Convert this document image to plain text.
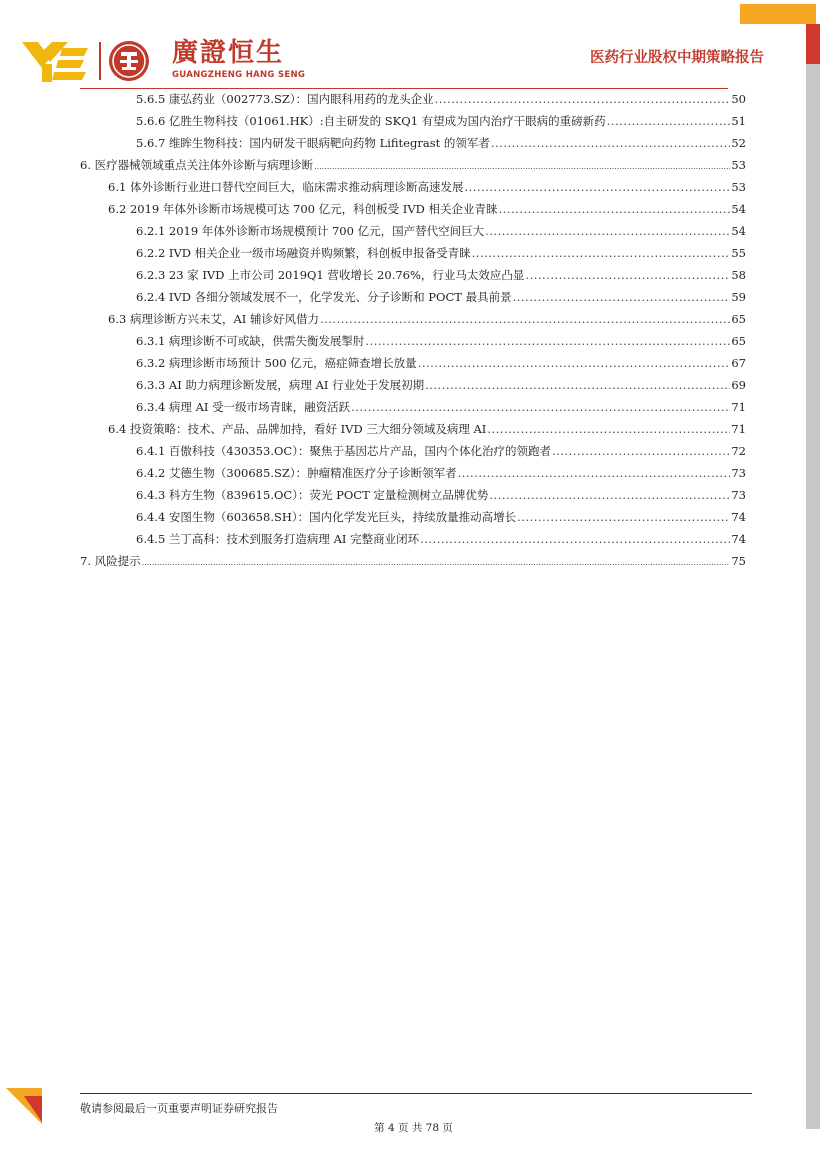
廣證恒生
GUANGZHENG HANG SENG
医药行业股权中期策略报告
5.6.5 康弘药业（002773.SZ）：国内眼科用药的龙头企业 .....	50
5.6.6 亿胜生物科技（01061.HK）:自主研发的 SKQ1 有望成为国内治疗干眼病的重磅新药 .....	51
5.6.7 维眸生物科技：国内研发干眼病靶向药物 Lifitegrast 的领军者 .....	52
6. 医疗器械领域重点关注体外诊断与病理诊断 .....	53
6.1 体外诊断行业进口替代空间巨大，临床需求推动病理诊断高速发展 .....	53
6.2 2019 年体外诊断市场规模可达 700 亿元，科创板受 IVD 相关企业青睐 .....	54
6.2.1 2019 年体外诊断市场规模预计 700 亿元，国产替代空间巨大 .....	54
6.2.2 IVD 相关企业一级市场融资并购频繁，科创板申报备受青睐 .....	55
6.2.3 23 家 IVD 上市公司 2019Q1 营收增长 20.76%，行业马太效应凸显 .....	58
6.2.4 IVD 各细分领域发展不一，化学发光、分子诊断和 POCT 最具前景 .....	59
6.3 病理诊断方兴未艾，AI 辅诊好风借力 .....	65
6.3.1 病理诊断不可或缺，供需失衡发展掣肘 .....	65
6.3.2 病理诊断市场预计 500 亿元，癌症筛查增长放量 .....	67
6.3.3 AI 助力病理诊断发展，病理 AI 行业处于发展初期 .....	69
6.3.4 病理 AI 受一级市场青睐，融资活跃 .....	71
6.4 投资策略：技术、产品、品牌加持，看好 IVD 三大细分领域及病理 AI .....	71
6.4.1 百傲科技（430353.OC）：聚焦于基因芯片产品，国内个体化治疗的领跑者 .....	72
6.4.2 艾德生物（300685.SZ）：肿瘤精准医疗分子诊断领军者 .....	73
6.4.3 科方生物（839615.OC）：荧光 POCT 定量检测树立品牌优势 .....	73
6.4.4 安图生物（603658.SH）：国内化学发光巨头，持续放量推动高增长 .....	74
6.4.5 兰丁高科：技术到服务打造病理 AI 完整商业闭环 .....	74
7. 风险提示 .....	75
敬请参阅最后一页重要声明证券研究报告
第 4 页 共 78 页
